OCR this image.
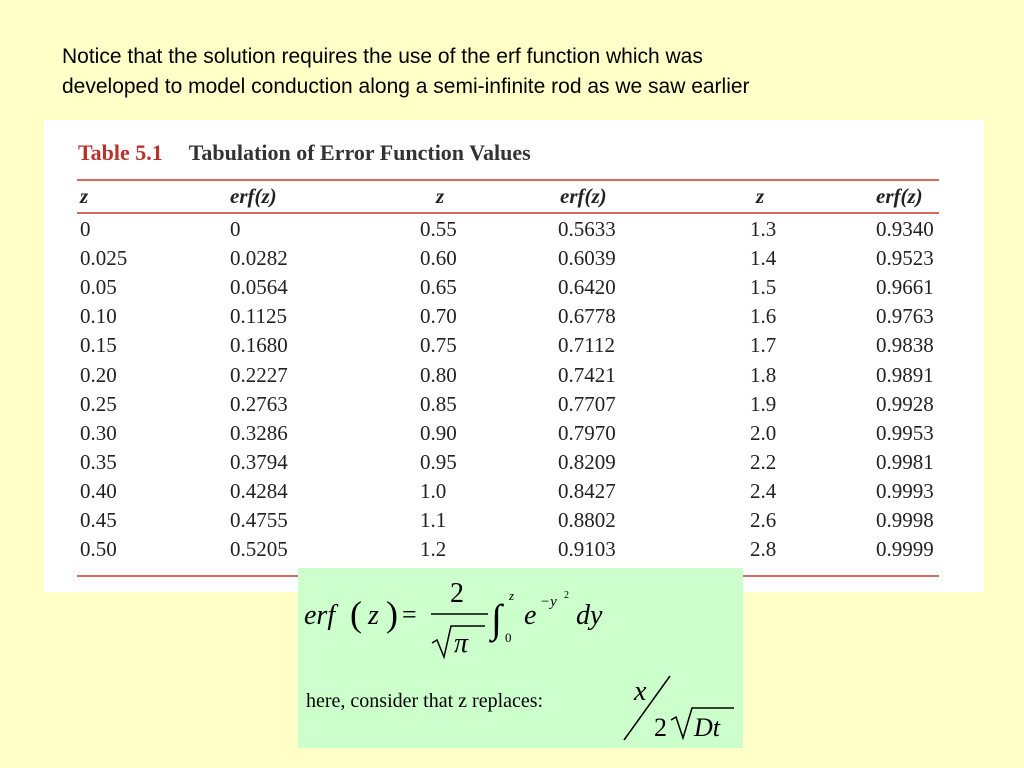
Notice that the solution requires the use of the erf function which was
developed to model conduction along a semi-infinite rod as we saw earlier
Table 5.1 Tabulation of Error Function Values
z	erf(z)	z	erf(z)	z	erf(z)
0	0	0.55	0.5633	1.3	0.9340
0.025	0.0282	0.60	0.6039	1.4	0.9523
0.05	0.0564	0.65	0.6420	1.5	0.9661
0.10	0.1125	0.70	0.6778	1.6	0.9763
0.15	0.1680	0.75	0.7112	1.7	0.9838
0.20	0.2227	0.80	0.7421	1.8	0.9891
0.25	0.2763	0.85	0.7707	1.9	0.9928
0.30	0.3286	0.90	0.7970	2.0	0.9953
0.35	0.3794	0.95	0.8209	2.2	0.9981
0.40	0.4284	1.0	0.8427	2.4	0.9993
0.45	0.4755	1.1	0.8802	2.6	0.9998
0.50	0.5205	1.2	0.9103	2.8	0.9999
erf ( z ) =
2
π
∫
z
0
e −y 2
dy
x
2 Dt
here, consider that z replaces:
